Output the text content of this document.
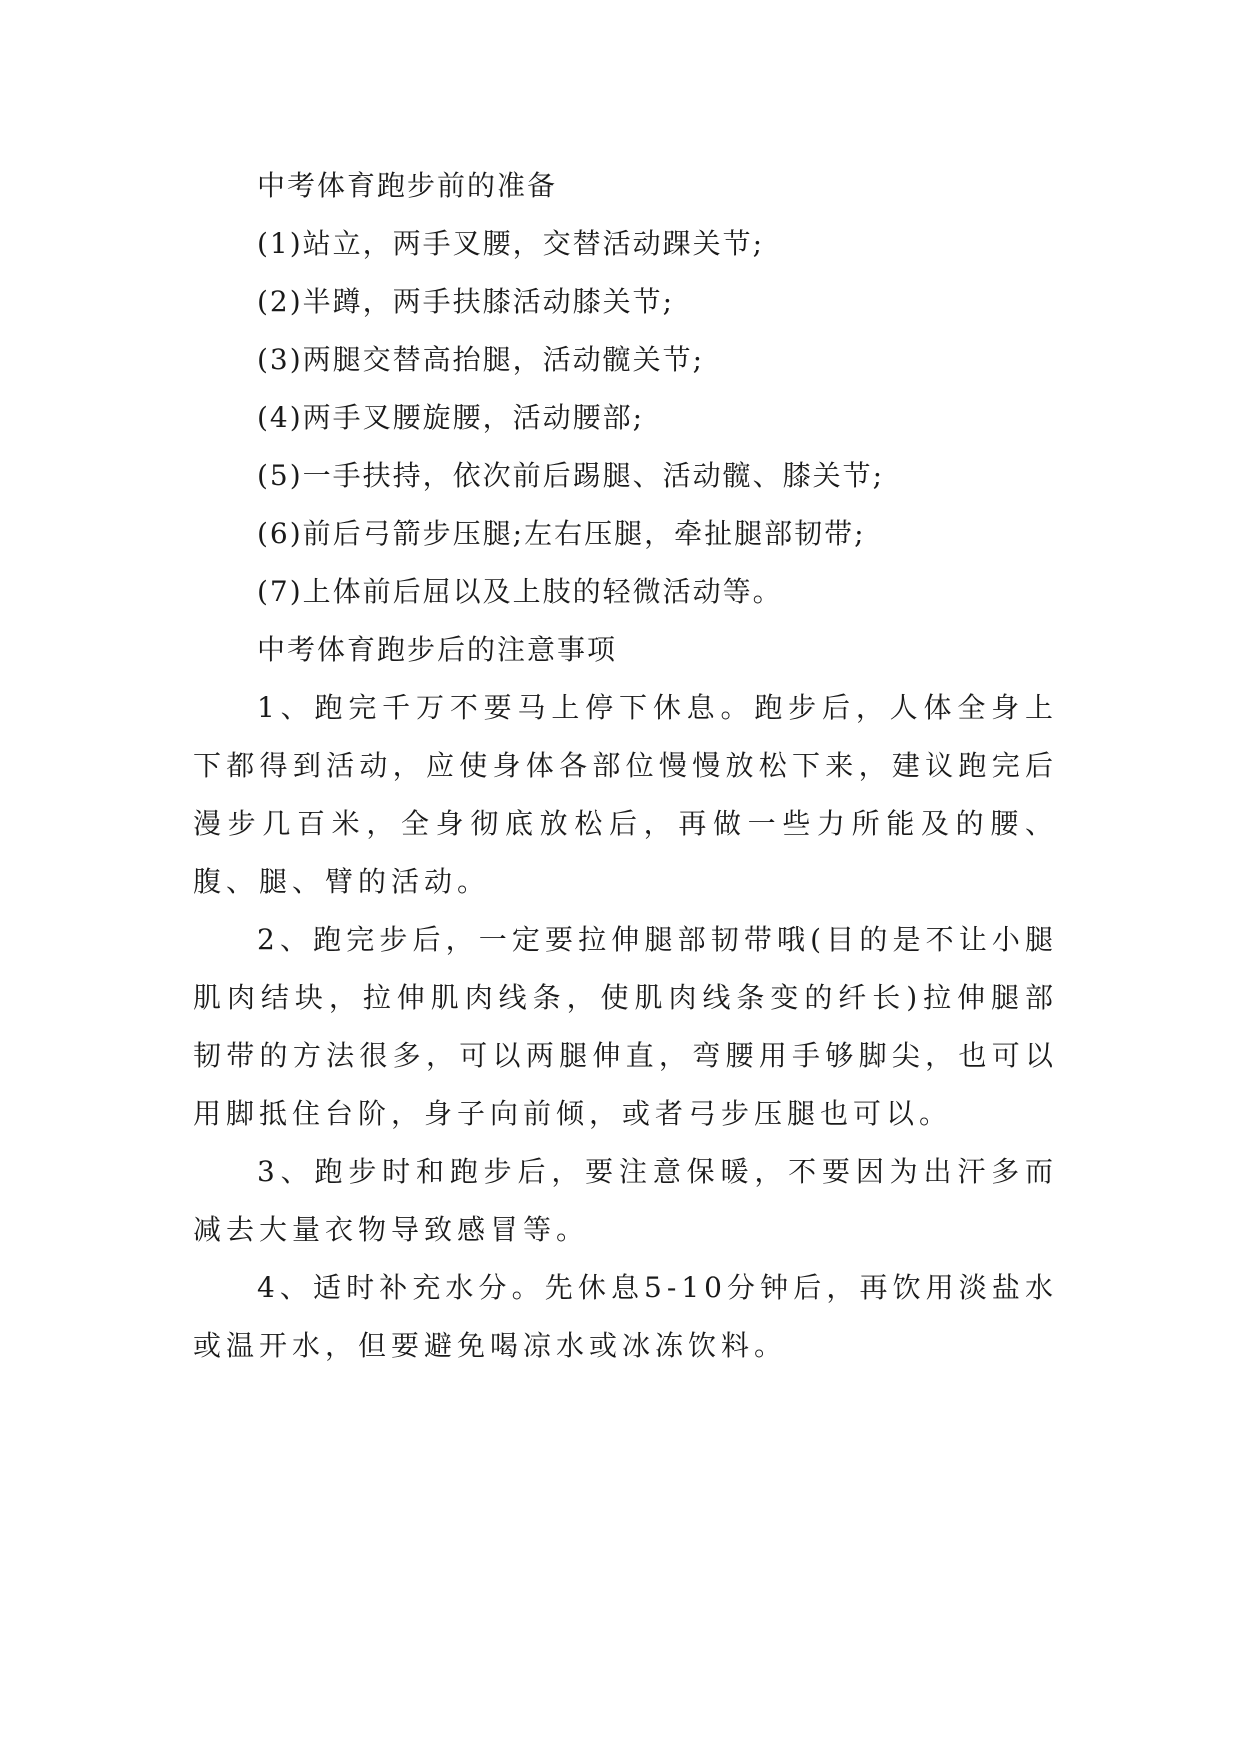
中考体育跑步前的准备

(1)站立，两手叉腰，交替活动踝关节;

(2)半蹲，两手扶膝活动膝关节;

(3)两腿交替高抬腿，活动髋关节;

(4)两手叉腰旋腰，活动腰部;

(5)一手扶持，依次前后踢腿、活动髋、膝关节;

(6)前后弓箭步压腿;左右压腿，牵扯腿部韧带;

(7)上体前后屈以及上肢的轻微活动等。

中考体育跑步后的注意事项

1、跑完千万不要马上停下休息。跑步后，人体全身上下都得到活动，应使身体各部位慢慢放松下来，建议跑完后漫步几百米，全身彻底放松后，再做一些力所能及的腰、腹、腿、臂的活动。

2、跑完步后，一定要拉伸腿部韧带哦(目的是不让小腿肌肉结块，拉伸肌肉线条，使肌肉线条变的纤长)拉伸腿部韧带的方法很多，可以两腿伸直，弯腰用手够脚尖，也可以用脚抵住台阶，身子向前倾，或者弓步压腿也可以。

3、跑步时和跑步后，要注意保暖，不要因为出汗多而减去大量衣物导致感冒等。

4、适时补充水分。先休息5-10分钟后，再饮用淡盐水或温开水，但要避免喝凉水或冰冻饮料。
